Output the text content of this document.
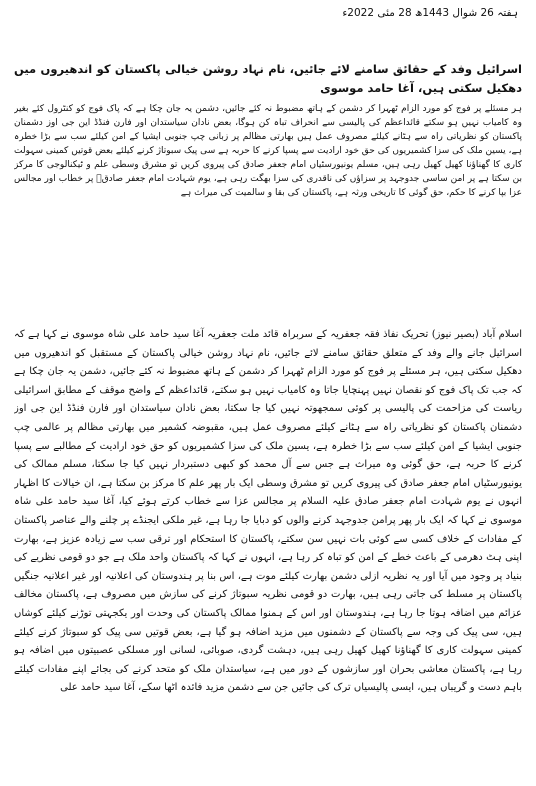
ہفتہ 26 شوال 1443ھ 28 مئی 2022ء
اسرائیل وفد کے حقائق سامنے لائے جائیں، نام نہاد روشن خیالی پاکستان کو اندھیروں میں دھکیل سکتی ہیں، آغا حامد موسوی
ہر مسئلے پر فوج کو مورد الزام ٹھہرا کر دشمن کے ہاتھ مضبوط نہ کئے جائیں، دشمن یہ جان چکا ہے کہ پاک فوج کو کنٹرول کئے بغیر وہ کامیاب نہیں ہو سکتے قائداعظم کی پالیسی سے انحراف تباہ کن ہوگا، بعض نادان سیاستدان اور فارن فنڈڈ این جی اوز دشمنان پاکستان کو نظریاتی راہ سے ہٹانے کیلئے مصروف عمل ہیں بھارتی مظالم پر زبانی چپ جنوبی ایشیا کے امن کیلئے سب سے بڑا خطرہ ہے، یسین ملک کی سزا کشمیریوں کی حق خود ارادیت سے پسپا کرنے کا حربہ ہے سی پیک سبوتاژ کرنے کیلئے بعض قوتیں کمینی سہولت کاری کا گھناؤنا کھیل کھیل رہی ہیں، مسلم یونیورسٹیاں امام جعفر صادق کی پیروی کریں تو مشرق وسطی علم و ٹیکنالوجی کا مرکز بن سکتا ہے پر امن ساسی جدوجہد پر سزاؤں کی ناقدری کی سزا بھگت رہی ہے، یوم شہادت امام جعفر صادقؑ پر خطاب اور مجالس عزا بپا کرنے کا حکم، حق گوئی کا تاریخی ورثہ ہے، پاکستان کی بقا و سالمیت کی میراث ہے
اسلام آباد (بصیر نیوز) تحریک نفاذ فقہ جعفریہ کے سربراہ قائد ملت جعفریہ آغا سید حامد علی شاہ موسوی نے کہا ہے کہ اسرائیل جانے والے وفد کے متعلق حقائق سامنے لائے جائیں، نام نہاد روشن خیالی پاکستان کے مستقبل کو اندھیروں میں دھکیل سکتی ہیں، ہر مسئلے پر فوج کو مورد الزام ٹھہرا کر دشمن کے ہاتھ مضبوط نہ کئے جائیں، دشمن یہ جان چکا ہے کہ جب تک پاک فوج کو نقصان نہیں پہنچایا جاتا وہ کامیاب نہیں ہو سکتے، قائداعظم کے واضح موقف کے مطابق اسرائیلی ریاست کی مزاحمت کی پالیسی پر کوئی سمجھوتہ نہیں کیا جا سکتا، بعض نادان سیاستدان اور فارن فنڈڈ این جی اوز دشمنان پاکستان کو نظریاتی راہ سے ہٹانے کیلئے مصروف عمل ہیں، مقبوضہ کشمیر میں بھارتی مظالم پر عالمی چپ جنوبی ایشیا کے امن کیلئے سب سے بڑا خطرہ ہے، یسین ملک کی سزا کشمیریوں کو حق خود ارادیت کے مطالبے سے پسپا کرنے کا حربہ ہے، حق گوئی وہ میراث ہے جس سے آل محمد کو کبھی دستبردار نہیں کیا جا سکتا، مسلم ممالک کی یونیورسٹیاں امام جعفر صادق کی پیروی کریں تو مشرق وسطی ایک بار پھر علم کا مرکز بن سکتا ہے، ان خیالات کا اظہار انہوں نے یوم شہادت امام جعفر صادق علیہ السلام پر مجالس عزا سے خطاب کرتے ہوئے کیا، آغا سید حامد علی شاہ موسوی نے کہا کہ ایک بار پھر پرامن جدوجہد کرنے والوں کو دبایا جا رہا ہے، غیر ملکی ایجنڈے پر چلنے والے عناصر پاکستان کے مفادات کے خلاف کسی سے کوئی بات نہیں سن سکتے، پاکستان کا استحکام اور ترقی سب سے زیادہ عزیز ہے، بھارت اپنی ہٹ دھرمی کے باعث خطے کے امن کو تباہ کر رہا ہے، انہوں نے کہا کہ پاکستان واحد ملک ہے جو دو قومی نظریے کی بنیاد پر وجود میں آیا اور یہ نظریہ ازلی دشمن بھارت کیلئے موت ہے، اس بنا پر ہندوستان کی اعلانیہ اور غیر اعلانیہ جنگیں پاکستان پر مسلط کی جاتی رہی ہیں، بھارت دو قومی نظریہ سبوتاژ کرنے کی سازش میں مصروف ہے، پاکستان مخالف عزائم میں اضافہ ہوتا جا رہا ہے، ہندوستان اور اس کے ہمنوا ممالک پاکستان کی وحدت اور یکجہتی توڑنے کیلئے کوشاں ہیں، سی پیک کی وجہ سے پاکستان کے دشمنوں میں مزید اضافہ ہو گیا ہے، بعض قوتیں سی پیک کو سبوتاژ کرنے کیلئے کمینی سہولت کاری کا گھناؤنا کھیل کھیل رہی ہیں، دہشت گردی، صوبائی، لسانی اور مسلکی عصبیتوں میں اضافہ ہو رہا ہے، پاکستان معاشی بحران اور سازشوں کے دور میں ہے، سیاستدان ملک کو متحد کرنے کی بجائے اپنے مفادات کیلئے باہم دست و گریباں ہیں، ایسی پالیسیاں ترک کی جائیں جن سے دشمن مزید فائدہ اٹھا سکے، آغا سید حامد علی
